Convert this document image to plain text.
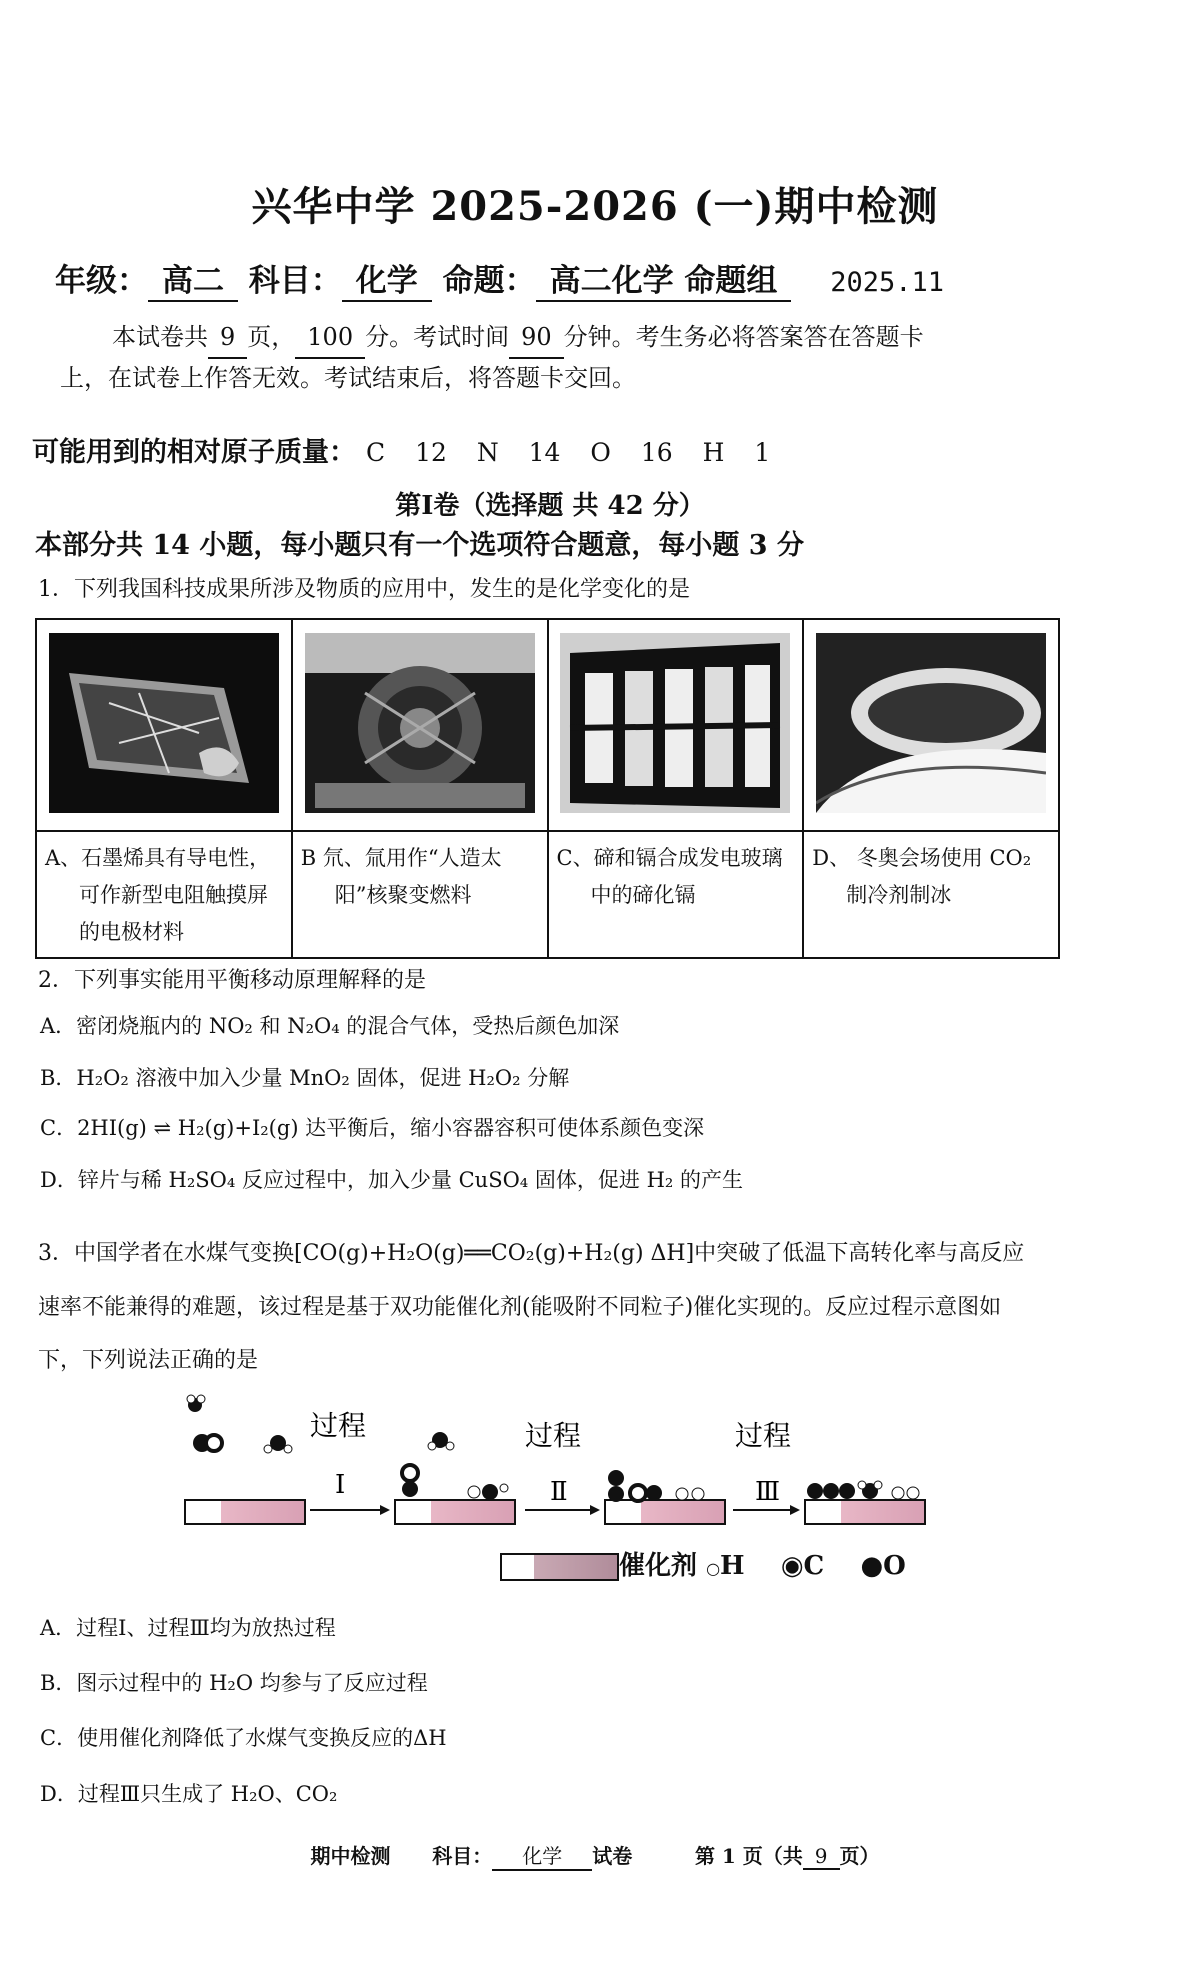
兴华中学 2025-2026 (一)期中检测
年级： 高二 科目： 化学 命题： 高二化学 命题组 2025.11
本试卷共 9 页， 100 分。考试时间 90 分钟。考生务必将答案答在答题卡上，在试卷上作答无效。考试结束后，将答题卡交回。
可能用到的相对原子质量： C 12 N 14 O 16 H 1
第Ⅰ卷（选择题 共 42 分）
本部分共 14 小题，每小题只有一个选项符合题意，每小题 3 分
1．下列我国科技成果所涉及物质的应用中，发生的是化学变化的是

A、石墨烯具有导电性，可作新型电阻触摸屏的电极材料	B 氘、氚用作“人造太阳”核聚变燃料	C、碲和镉合成发电玻璃中的碲化镉	D、 冬奥会场使用 CO₂ 制冷剂制冰
2．下列事实能用平衡移动原理解释的是
A．密闭烧瓶内的 NO₂ 和 N₂O₄ 的混合气体，受热后颜色加深
B．H₂O₂ 溶液中加入少量 MnO₂ 固体，促进 H₂O₂ 分解
C．2HI(g) ⇌ H₂(g)+I₂(g) 达平衡后，缩小容器容积可使体系颜色变深
D．锌片与稀 H₂SO₄ 反应过程中，加入少量 CuSO₄ 固体，促进 H₂ 的产生
3．中国学者在水煤气变换[CO(g)+H₂O(g)══CO₂(g)+H₂(g) ΔH]中突破了低温下高转化率与高反应
速率不能兼得的难题，该过程是基于双功能催化剂(能吸附不同粒子)催化实现的。反应过程示意图如
下，下列说法正确的是
过程
Ⅰ
过程
Ⅱ
过程
Ⅲ
催化剂 ○H ◉C ●O
A．过程Ⅰ、过程Ⅲ均为放热过程
B．图示过程中的 H₂O 均参与了反应过程
C．使用催化剂降低了水煤气变换反应的ΔH
D．过程Ⅲ只生成了 H₂O、CO₂
期中检测 科目： 化学 试卷	第 1 页（共 9 页）
